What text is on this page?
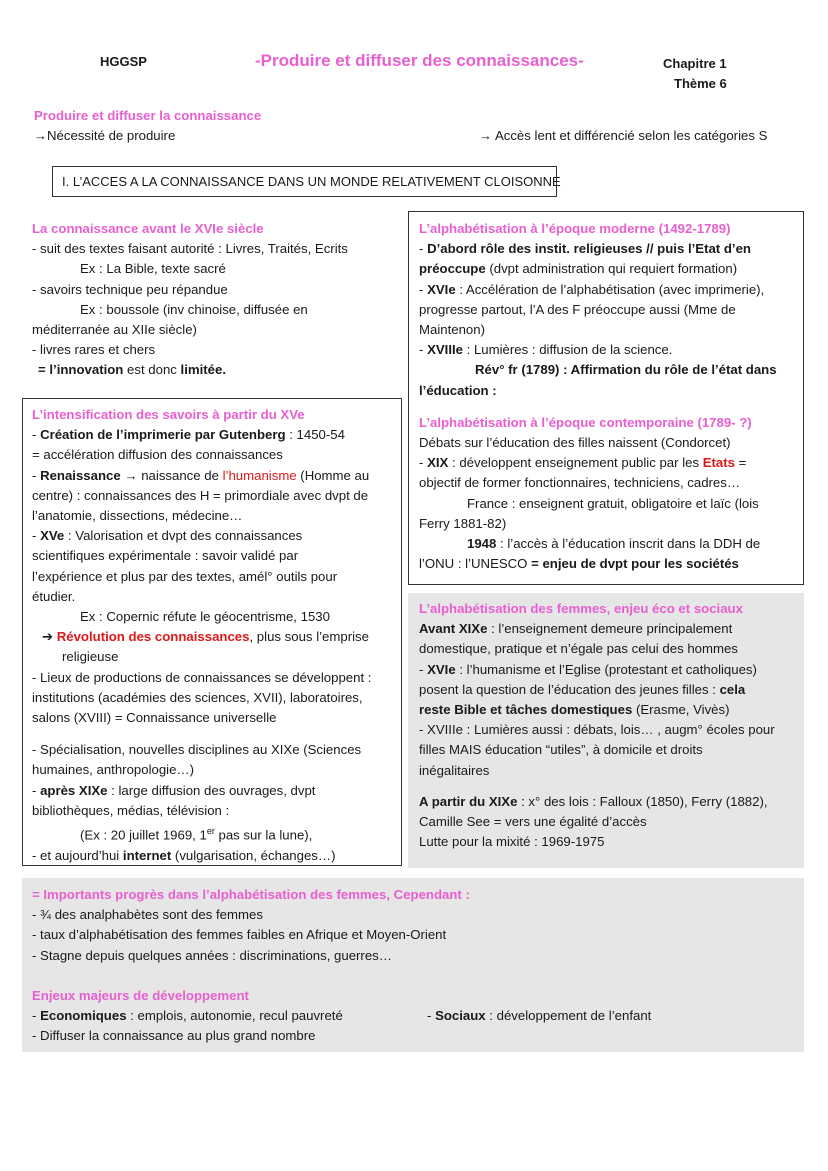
HGGSP	-Produire et diffuser des connaissances-	Chapitre 1
Thème 6
Produire et diffuser la connaissance
→Nécessité de produire	→ Accès lent et différencié selon les catégories S
I. L’ACCES A LA CONNAISSANCE DANS UN MONDE RELATIVEMENT CLOISONNE
La connaissance avant le XVIe siècle
- suit des textes faisant autorité : Livres, Traités, Ecrits
Ex : La Bible, texte sacré
- savoirs technique peu répandue
Ex : boussole (inv chinoise, diffusée en
méditerranée au XIIe siècle)
- livres rares et chers
= l’innovation est donc limitée.
L’intensification des savoirs à partir du XVe
- Création de l’imprimerie par Gutenberg : 1450-54
= accélération diffusion des connaissances
- Renaissance → naissance de l’humanisme (Homme au
centre) : connaissances des H = primordiale avec dvpt de
l’anatomie, dissections, médecine…
- XVe : Valorisation et dvpt des connaissances
scientifiques expérimentale : savoir validé par
l’expérience et plus par des textes, amél° outils pour
étudier.
Ex : Copernic réfute le géocentrisme, 1530
➔ Révolution des connaissances, plus sous l’emprise
religieuse
- Lieux de productions de connaissances se développent :
institutions (académies des sciences, XVII), laboratoires,
salons (XVIII) = Connaissance universelle
- Spécialisation, nouvelles disciplines au XIXe (Sciences
humaines, anthropologie…)
- après XIXe : large diffusion des ouvrages, dvpt
bibliothèques, médias, télévision :
(Ex : 20 juillet 1969, 1er pas sur la lune),
- et aujourd’hui internet (vulgarisation, échanges…)
L’alphabétisation à l’époque moderne (1492-1789)
- D’abord rôle des instit. religieuses // puis l’Etat d’en
préoccupe (dvpt administration qui requiert formation)
- XVIe : Accélération de l’alphabétisation (avec imprimerie),
progresse partout, l’A des F préoccupe aussi (Mme de
Maintenon)
- XVIIIe : Lumières : diffusion de la science.
Rév° fr (1789) : Affirmation du rôle de l’état dans
l’éducation :
L’alphabétisation à l’époque contemporaine (1789- ?)
Débats sur l’éducation des filles naissent (Condorcet)
- XIX : développent enseignement public par les Etats =
objectif de former fonctionnaires, techniciens, cadres…
France : enseignent gratuit, obligatoire et laïc (lois
Ferry 1881-82)
1948 : l’accès à l’éducation inscrit dans la DDH de
l’ONU : l’UNESCO = enjeu de dvpt pour les sociétés
L’alphabétisation des femmes, enjeu éco et sociaux
Avant XIXe : l’enseignement demeure principalement
domestique, pratique et n’égale pas celui des hommes
- XVIe : l’humanisme et l’Eglise (protestant et catholiques)
posent la question de l’éducation des jeunes filles : cela
reste Bible et tâches domestiques (Erasme, Vivès)
- XVIIIe : Lumières aussi : débats, lois… , augm° écoles pour
filles MAIS éducation “utiles”, à domicile et droits
inégalitaires
A partir du XIXe : x° des lois : Falloux (1850), Ferry (1882),
Camille See = vers une égalité d’accès
Lutte pour la mixité : 1969-1975
= Importants progrès dans l’alphabétisation des femmes, Cependant :
- ¾ des analphabètes sont des femmes
- taux d’alphabétisation des femmes faibles en Afrique et Moyen-Orient
- Stagne depuis quelques années : discriminations, guerres…
Enjeux majeurs de développement
- Economiques : emplois, autonomie, recul pauvreté	- Sociaux : développement de l’enfant
- Diffuser la connaissance au plus grand nombre
